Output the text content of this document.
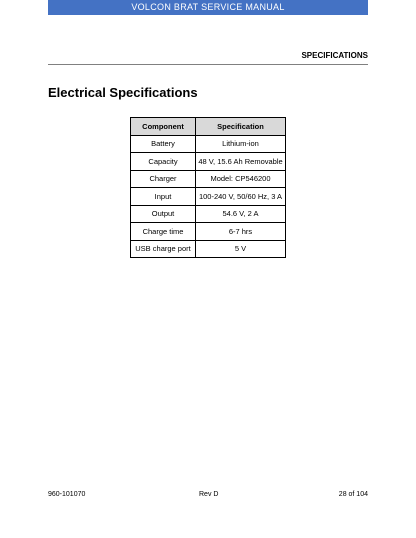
VOLCON BRAT SERVICE MANUAL
SPECIFICATIONS
Electrical Specifications
Component	Specification
Battery	Lithium-ion
Capacity	48 V, 15.6 Ah Removable
Charger	Model: CP546200
Input	100-240 V, 50/60 Hz, 3 A
Output	54.6 V, 2 A
Charge time	6-7 hrs
USB charge port	5 V
960-101070	Rev D	28 of 104
